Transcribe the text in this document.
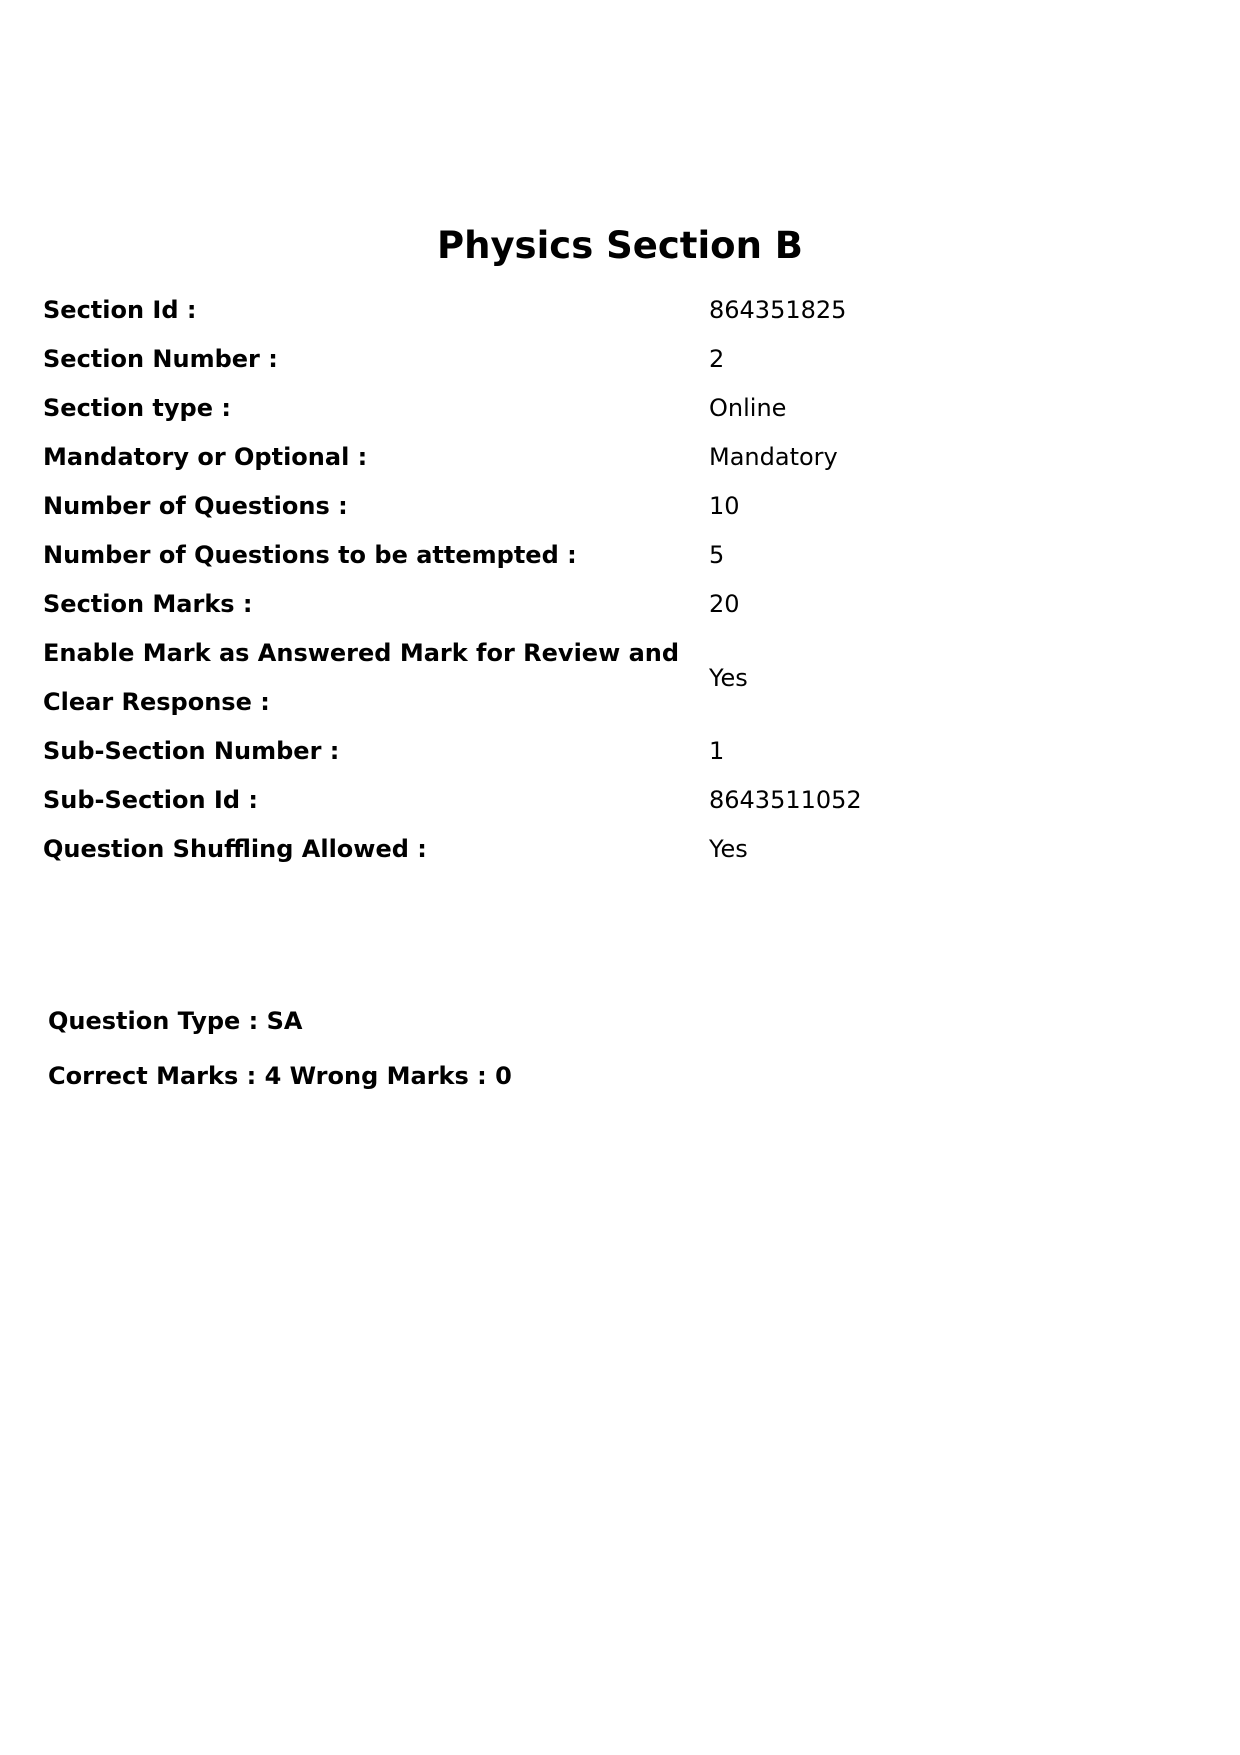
Physics Section B
Section Id :	864351825
Section Number :	2
Section type :	Online
Mandatory or Optional :	Mandatory
Number of Questions :	10
Number of Questions to be attempted :	5
Section Marks :	20
Enable Mark as Answered Mark for Review and Clear Response :	Yes
Sub-Section Number :	1
Sub-Section Id :	8643511052
Question Shuffling Allowed :	Yes
Question Type : SA
Correct Marks : 4 Wrong Marks : 0
